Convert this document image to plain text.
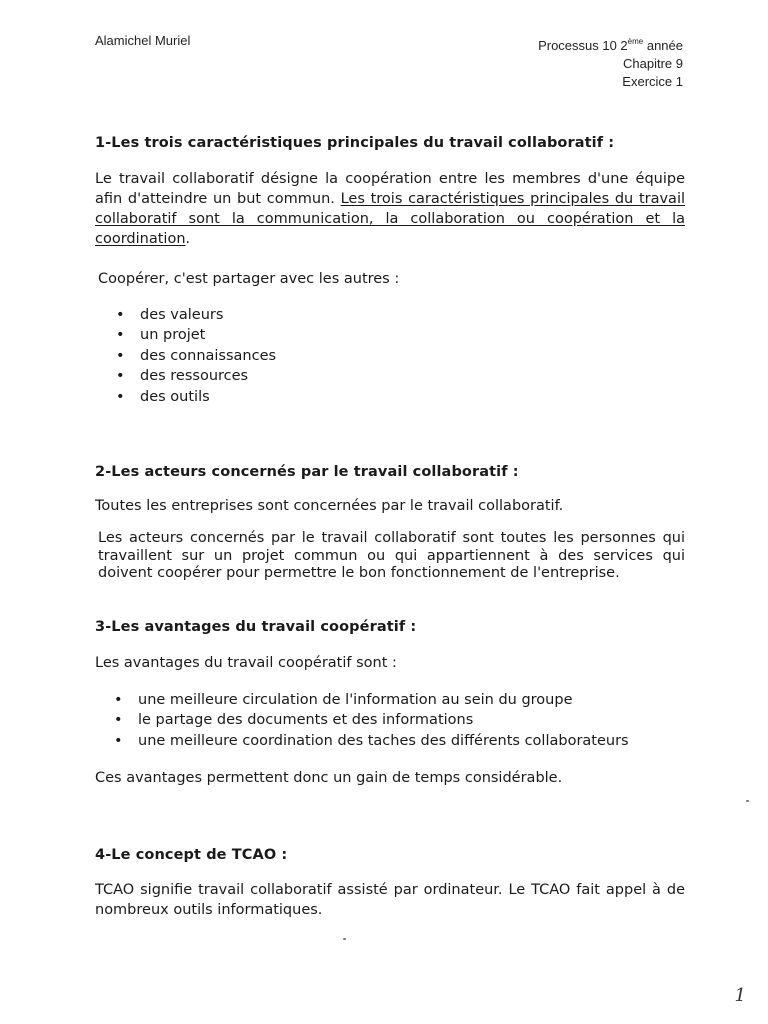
Alamichel Muriel	Processus 10 2ème année
Chapitre 9
Exercice 1
1-Les trois caractéristiques principales du travail collaboratif :
Le travail collaboratif désigne la coopération entre les membres d'une équipe afin d'atteindre un but commun. Les trois caractéristiques principales du travail collaboratif sont la communication, la collaboration ou coopération et la coordination.
Coopérer, c'est partager avec les autres :
• des valeurs
• un projet
• des connaissances
• des ressources
• des outils
2-Les acteurs concernés par le travail collaboratif :
Toutes les entreprises sont concernées par le travail collaboratif.
Les acteurs concernés par le travail collaboratif sont toutes les personnes qui travaillent sur un projet commun ou qui appartiennent à des services qui doivent coopérer pour permettre le bon fonctionnement de l'entreprise.
3-Les avantages du travail coopératif :
Les avantages du travail coopératif sont :
• une meilleure circulation de l'information au sein du groupe
• le partage des documents et des informations
• une meilleure coordination des taches des différents collaborateurs
Ces avantages permettent donc un gain de temps considérable.
4-Le concept de TCAO :
TCAO signifie travail collaboratif assisté par ordinateur. Le TCAO fait appel à de nombreux outils informatiques.
1
